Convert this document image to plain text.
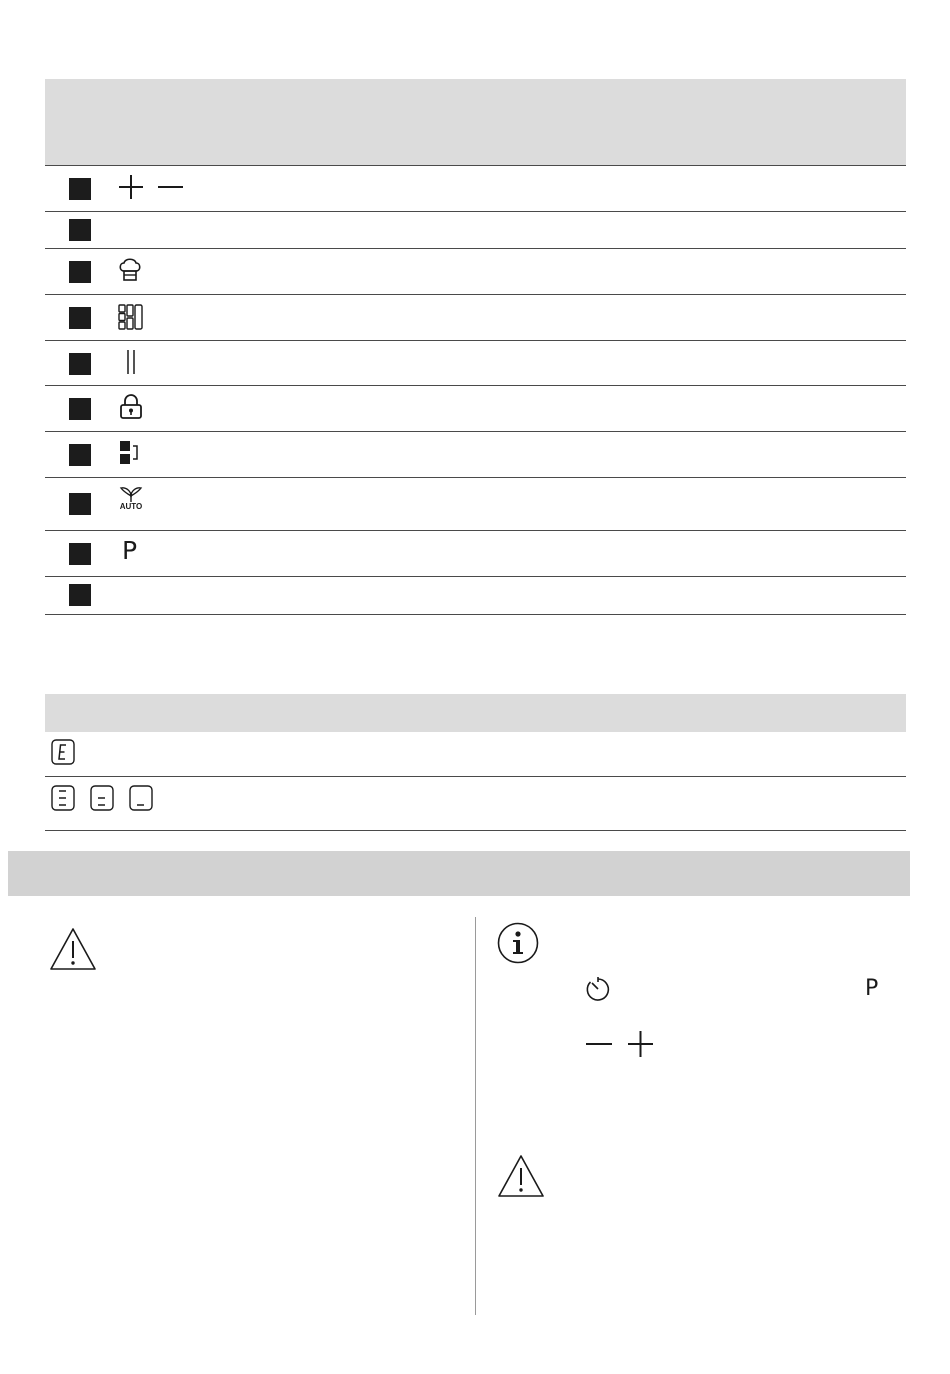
AUTO
P
P
